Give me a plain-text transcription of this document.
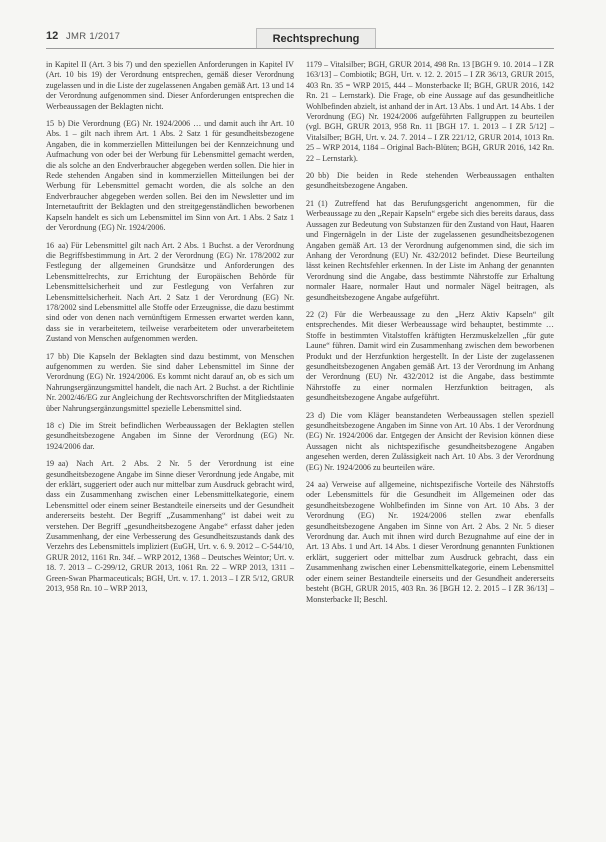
12 JMR 1/2017	Rechtsprechung

in Kapitel II (Art. 3 bis 7) und den speziellen Anforderungen in Kapitel IV (Art. 10 bis 19) der Verordnung entsprechen, gemäß dieser Verordnung zugelassen und in die Liste der zugelassenen Angaben gemäß Art. 13 und 14 der Verordnung aufgenommen sind. Dieser Anforderungen entsprechen die Werbeaussagen der Beklagten nicht.

15  b) Die Verordnung (EG) Nr. 1924/2006 … und damit auch ihr Art. 10 Abs. 1 – gilt nach ihrem Art. 1 Abs. 2 Satz 1 für gesundheitsbezogene Angaben, die in kommerziellen Mitteilungen bei der Kennzeichnung und Aufmachung von oder bei der Werbung für Lebensmittel gemacht werden, die als solche an den Endverbraucher abgegeben werden sollen. Die hier in Rede stehenden Angaben sind in kommerziellen Mitteilungen bei der Werbung für Lebensmittel gemacht worden, die als solche an den Endverbraucher abgegeben werden sollen. Bei den im Newsletter und im Internetauftritt der Beklagten und den streitgegenständlichen beworbenen Kapseln handelt es sich um Lebensmittel im Sinn von Art. 1 Abs. 2 Satz 1 der Verordnung (EG) Nr. 1924/2006.

16  aa) Für Lebensmittel gilt nach Art. 2 Abs. 1 Buchst. a der Verordnung die Begriffsbestimmung in Art. 2 der Verordnung (EG) Nr. 178/2002 zur Festlegung der allgemeinen Grundsätze und Anforderungen des Lebensmittelrechts, zur Errichtung der Europäischen Behörde für Lebensmittelsicherheit und zur Festlegung von Verfahren zur Lebensmittelsicherheit. Nach Art. 2 Satz 1 der Verordnung (EG) Nr. 178/2002 sind Lebensmittel alle Stoffe oder Erzeugnisse, die dazu bestimmt sind oder von denen nach vernünftigem Ermessen erwartet werden kann, dass sie in verarbeitetem, teilweise verarbeitetem oder unverarbeitetem Zustand von Menschen aufgenommen werden.

17  bb) Die Kapseln der Beklagten sind dazu bestimmt, von Menschen aufgenommen zu werden. Sie sind daher Lebensmittel im Sinne der Verordnung (EG) Nr. 1924/2006. Es kommt nicht darauf an, ob es sich um Nahrungsergänzungsmittel handelt, die nach Art. 2 Buchst. a der Richtlinie Nr. 2002/46/EG zur Angleichung der Rechtsvorschriften der Mitgliedstaaten über Nahrungsergänzungsmittel spezielle Lebensmittel sind.

18  c) Die im Streit befindlichen Werbeaussagen der Beklagten stellen gesundheitsbezogene Angaben im Sinne der Verordnung (EG) Nr. 1924/2006 dar.

19  aa) Nach Art. 2 Abs. 2 Nr. 5 der Verordnung ist eine gesundheitsbezogene Angabe im Sinne dieser Verordnung jede Angabe, mit der erklärt, suggeriert oder auch nur mittelbar zum Ausdruck gebracht wird, dass ein Zusammenhang zwischen einer Lebensmittelkategorie, einem Lebensmittel oder einem seiner Bestandteile einerseits und der Gesundheit andererseits besteht. Der Begriff „Zusammenhang“ ist dabei weit zu verstehen. Der Begriff „gesundheitsbezogene Angabe“ erfasst daher jeden Zusammenhang, der eine Verbesserung des Gesundheitszustands dank des Verzehrs des Lebensmittels impliziert (EuGH, Urt. v. 6. 9. 2012 – C-544/10, GRUR 2012, 1161 Rn. 34f. – WRP 2012, 1368 – Deutsches Weintor; Urt. v. 18. 7. 2013 – C-299/12, GRUR 2013, 1061 Rn. 22 – WRP 2013, 1311 – Green-Swan Pharmaceuticals; BGH, Urt. v. 17. 1. 2013 – I ZR 5/12, GRUR 2013, 958 Rn. 10 – WRP 2013,

1179 – Vitalsilber; BGH, GRUR 2014, 498 Rn. 13 [BGH 9. 10. 2014 – I ZR 163/13] – Combiotik; BGH, Urt. v. 12. 2. 2015 – I ZR 36/13, GRUR 2015, 403 Rn. 35 = WRP 2015, 444 – Monsterbacke II; BGH, GRUR 2016, 142 Rn. 21 – Lernstark). Die Frage, ob eine Aussage auf das gesundheitliche Wohlbefinden abzielt, ist anhand der in Art. 13 Abs. 1 und Art. 14 Abs. 1 der Verordnung (EG) Nr. 1924/2006 aufgeführten Fallgruppen zu beurteilen (vgl. BGH, GRUR 2013, 958 Rn. 11 [BGH 17. 1. 2013 – I ZR 5/12] – Vitalsilber; BGH, Urt. v. 24. 7. 2014 – I ZR 221/12, GRUR 2014, 1013 Rn. 25 – WRP 2014, 1184 – Original Bach-Blüten; BGH, GRUR 2016, 142 Rn. 22 – Lernstark).

20  bb) Die beiden in Rede stehenden Werbeaussagen enthalten gesundheitsbezogene Angaben.

21  (1) Zutreffend hat das Berufungsgericht angenommen, für die Werbeaussage zu den „Repair Kapseln“ ergebe sich dies bereits daraus, dass Aussagen zur Bedeutung von Substanzen für den Zustand von Haut, Haaren und Fingernägeln in der Liste der zugelassenen gesundheitsbezogenen Angaben gemäß Art. 13 der Verordnung aufgenommen sind, die sich im Anhang der Verordnung (EU) Nr. 432/2012 befindet. Diese Beurteilung lässt keinen Rechtsfehler erkennen. In der Liste im Anhang der genannten Verordnung sind die Angabe, dass bestimmte Nährstoffe zur Erhaltung normaler Haare, normaler Haut und normaler Nägel beitragen, als gesundheitsbezogene Angabe aufgeführt.

22  (2) Für die Werbeaussage zu den „Herz Aktiv Kapseln“ gilt entsprechendes. Mit dieser Werbeaussage wird behauptet, bestimmte … Stoffe in bestimmten Vitalstoffen kräftigten Herzmuskelzellen „für gute Laune“ führen. Damit wird ein Zusammenhang zwischen dem beworbenen Produkt und der Herzfunktion hergestellt. In der Liste der zugelassenen gesundheitsbezogenen Angaben gemäß Art. 13 der Verordnung im Anhang der Verordnung (EU) Nr. 432/2012 ist die Angabe, dass bestimmte Nährstoffe zu einer normalen Herzfunktion beitragen, als gesundheitsbezogene Angabe aufgeführt.

23  d) Die vom Kläger beanstandeten Werbeaussagen stellen speziell gesundheitsbezogene Angaben im Sinne von Art. 10 Abs. 1 der Verordnung (EG) Nr. 1924/2006 dar. Entgegen der Ansicht der Revision können diese Aussagen nicht als nichtspezifische gesundheitsbezogene Angaben angesehen werden, deren Zulässigkeit nach Art. 10 Abs. 3 der Verordnung (EG) Nr. 1924/2006 zu beurteilen wäre.

24  aa) Verweise auf allgemeine, nichtspezifische Vorteile des Nährstoffs oder Lebensmittels für die Gesundheit im Allgemeinen oder das gesundheitsbezogene Wohlbefinden im Sinne von Art. 10 Abs. 3 der Verordnung (EG) Nr. 1924/2006 stellen zwar ebenfalls gesundheitsbezogene Angaben im Sinne von Art. 2 Abs. 2 Nr. 5 dieser Verordnung dar. Auch mit ihnen wird durch Bezugnahme auf eine der in Art. 13 Abs. 1 und Art. 14 Abs. 1 dieser Verordnung genannten Funktionen erklärt, suggeriert oder mittelbar zum Ausdruck gebracht, dass ein Zusammenhang zwischen einer Lebensmittelkategorie, einem Lebensmittel oder einem seiner Bestandteile einerseits und der Gesundheit andererseits besteht (BGH, GRUR 2015, 403 Rn. 36 [BGH 12. 2. 2015 – I ZR 36/13] – Monsterbacke II; Beschl.
